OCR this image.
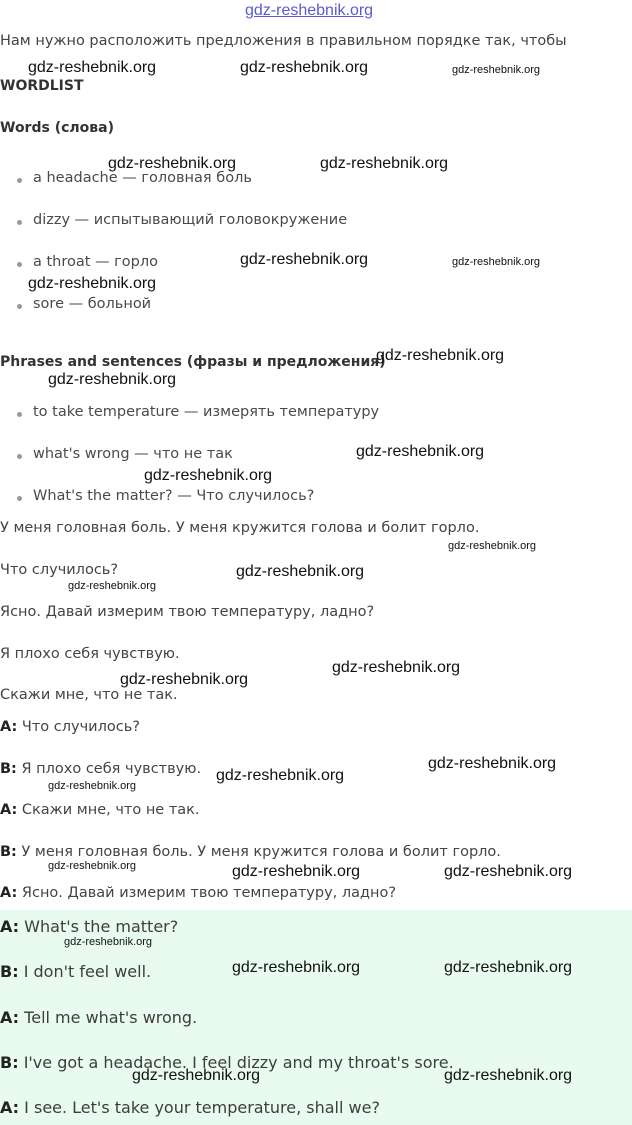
gdz-reshebnik.org
Нам нужно расположить предложения в правильном порядке так, чтобы
WORDLIST
Words (слова)
a headache — головная боль
dizzy — испытывающий головокружение
a throat — горло
sore — больной
Phrases and sentences (фразы и предложения)
to take temperature — измерять температуру
what's wrong — что не так
What's the matter? — Что случилось?
У меня головная боль. У меня кружится голова и болит горло.
Что случилось?
Ясно. Давай измерим твою температуру, ладно?
Я плохо себя чувствую.
Скажи мне, что не так.
A: Что случилось?
B: Я плохо себя чувствую.
A: Скажи мне, что не так.
B: У меня головная боль. У меня кружится голова и болит горло.
A: Ясно. Давай измерим твою температуру, ладно?
A: What's the matter?
B: I don't feel well.
A: Tell me what's wrong.
B: I've got a headache. I feel dizzy and my throat's sore.
A: I see. Let's take your temperature, shall we?
gdz-reshebnik.org	gdz-reshebnik.org	gdz-reshebnik.org
gdz-reshebnik.org	gdz-reshebnik.org
gdz-reshebnik.org	gdz-reshebnik.org
gdz-reshebnik.org
gdz-reshebnik.org
gdz-reshebnik.org
gdz-reshebnik.org
gdz-reshebnik.org
gdz-reshebnik.org
gdz-reshebnik.org
gdz-reshebnik.org
gdz-reshebnik.org
gdz-reshebnik.org
gdz-reshebnik.org
gdz-reshebnik.org
gdz-reshebnik.org
gdz-reshebnik.org	gdz-reshebnik.org	gdz-reshebnik.org
gdz-reshebnik.org
gdz-reshebnik.org	gdz-reshebnik.org
gdz-reshebnik.org	gdz-reshebnik.org
